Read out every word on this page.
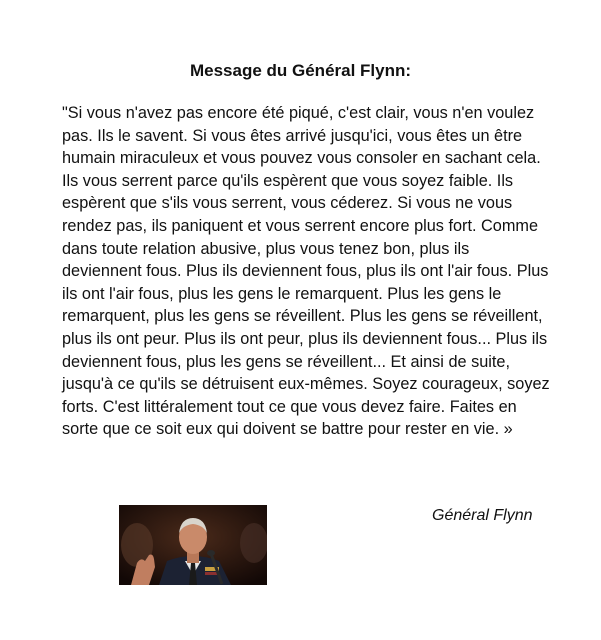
Message du Général Flynn:

"Si vous n'avez pas encore été piqué, c'est clair, vous n'en voulez pas. Ils le savent. Si vous êtes arrivé jusqu'ici, vous êtes un être humain miraculeux et vous pouvez vous consoler en sachant cela. Ils vous serrent parce qu'ils espèrent que vous soyez faible. Ils espèrent que s'ils vous serrent, vous céderez. Si vous ne vous rendez pas, ils paniquent et vous serrent encore plus fort. Comme dans toute relation abusive, plus vous tenez bon, plus ils deviennent fous. Plus ils deviennent fous, plus ils ont l'air fous. Plus ils ont l'air fous, plus les gens le remarquent. Plus les gens le remarquent, plus les gens se réveillent. Plus les gens se réveillent, plus ils ont peur. Plus ils ont peur, plus ils deviennent fous... Plus ils deviennent fous, plus les gens se réveillent... Et ainsi de suite, jusqu'à ce qu'ils se détruisent eux-mêmes. Soyez courageux, soyez forts. C'est littéralement tout ce que vous devez faire. Faites en sorte que ce soit eux qui doivent se battre pour rester en vie. »

Général Flynn
